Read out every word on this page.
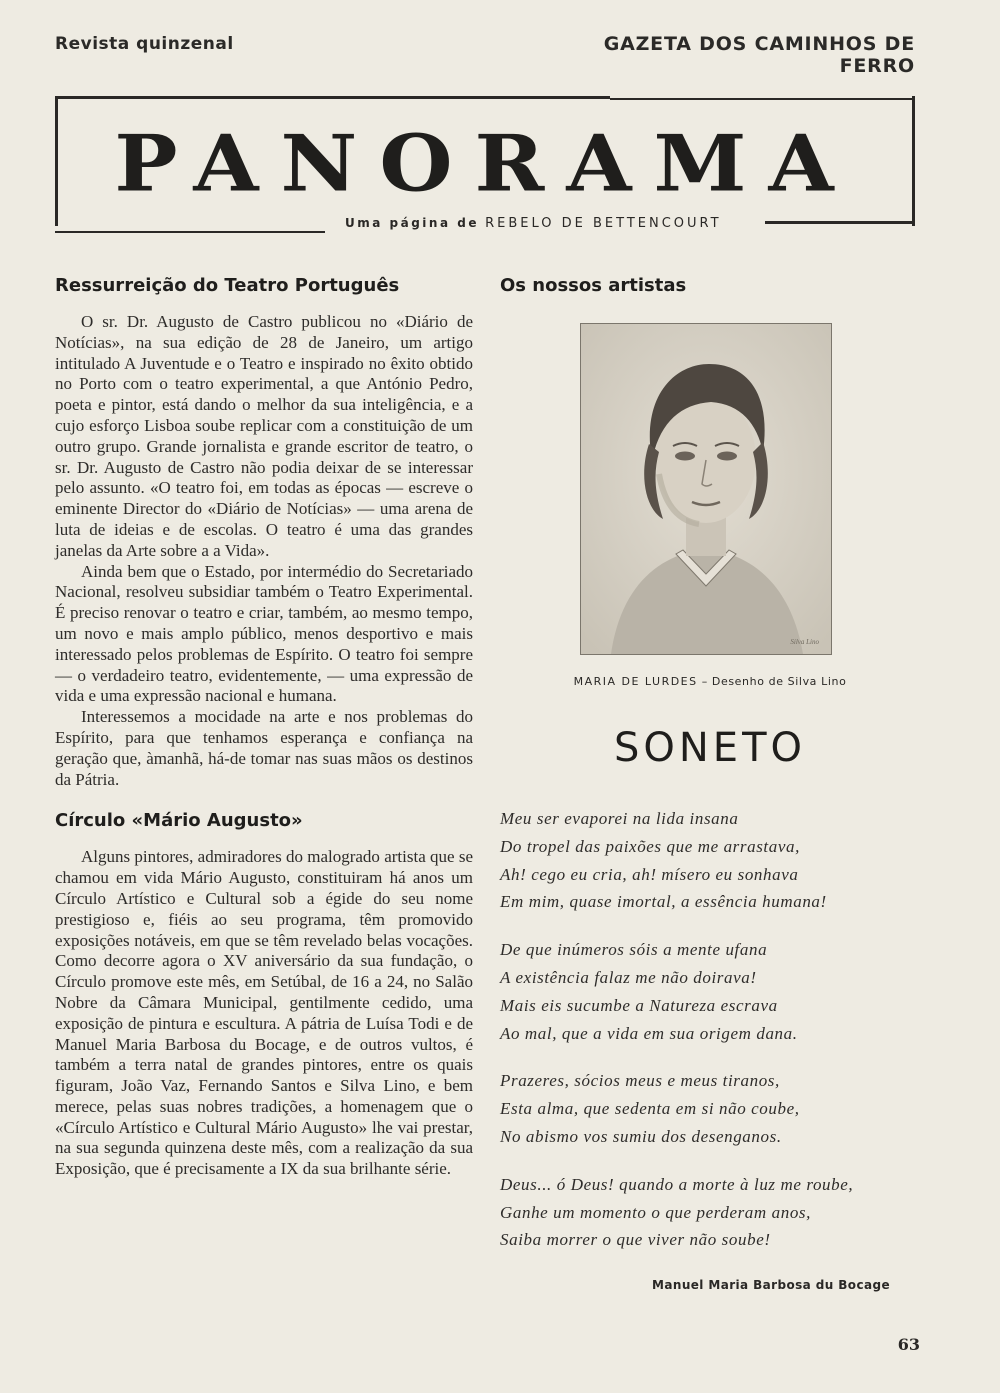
Revista quinzenal	GAZETA DOS CAMINHOS DE FERRO
PANORAMA
Uma página de REBELO DE BETTENCOURT
Ressurreição do Teatro Português

O sr. Dr. Augusto de Castro publicou no «Diário de Notícias», na sua edição de 28 de Janeiro, um artigo intitulado A Juventude e o Teatro e inspirado no êxito obtido no Porto com o teatro experimental, a que António Pedro, poeta e pintor, está dando o melhor da sua inteligência, e a cujo esforço Lisboa soube replicar com a constituição de um outro grupo. Grande jornalista e grande escritor de teatro, o sr. Dr. Augusto de Castro não podia deixar de se interessar pelo assunto. «O teatro foi, em todas as épocas — escreve o eminente Director do «Diário de Notícias» — uma arena de luta de ideias e de escolas. O teatro é uma das grandes janelas da Arte sobre a a Vida».

Ainda bem que o Estado, por intermédio do Secretariado Nacional, resolveu subsidiar também o Teatro Experimental. É preciso renovar o teatro e criar, também, ao mesmo tempo, um novo e mais amplo público, menos desportivo e mais interessado pelos problemas de Espírito. O teatro foi sempre — o verdadeiro teatro, evidentemente, — uma expressão de vida e uma expressão nacional e humana.

Interessemos a mocidade na arte e nos problemas do Espírito, para que tenhamos esperança e confiança na geração que, àmanhã, há-de tomar nas suas mãos os destinos da Pátria.

Círculo «Mário Augusto»

Alguns pintores, admiradores do malogrado artista que se chamou em vida Mário Augusto, constituiram há anos um Círculo Artístico e Cultural sob a égide do seu nome prestigioso e, fiéis ao seu programa, têm promovido exposições notáveis, em que se têm revelado belas vocações. Como decorre agora o XV aniversário da sua fundação, o Círculo promove este mês, em Setúbal, de 16 a 24, no Salão Nobre da Câmara Municipal, gentilmente cedido, uma exposição de pintura e escultura. A pátria de Luísa Todi e de Manuel Maria Barbosa du Bocage, e de outros vultos, é também a terra natal de grandes pintores, entre os quais figuram, João Vaz, Fernando Santos e Silva Lino, e bem merece, pelas suas nobres tradições, a homenagem que o «Círculo Artístico e Cultural Mário Augusto» lhe vai prestar, na sua segunda quinzena deste mês, com a realização da sua Exposição, que é precisamente a IX da sua brilhante série.

Os nossos artistas
Silva Lino
MARIA DE LURDES – Desenho de Silva Lino
SONETO
Meu ser evaporei na lida insana
Do tropel das paixões que me arrastava,
Ah! cego eu cria, ah! mísero eu sonhava
Em mim, quase imortal, a essência humana!
De que inúmeros sóis a mente ufana
A existência falaz me não doirava!
Mais eis sucumbe a Natureza escrava
Ao mal, que a vida em sua origem dana.
Prazeres, sócios meus e meus tiranos,
Esta alma, que sedenta em si não coube,
No abismo vos sumiu dos desenganos.
Deus... ó Deus! quando a morte à luz me roube,
Ganhe um momento o que perderam anos,
Saiba morrer o que viver não soube!
Manuel Maria Barbosa du Bocage
63
